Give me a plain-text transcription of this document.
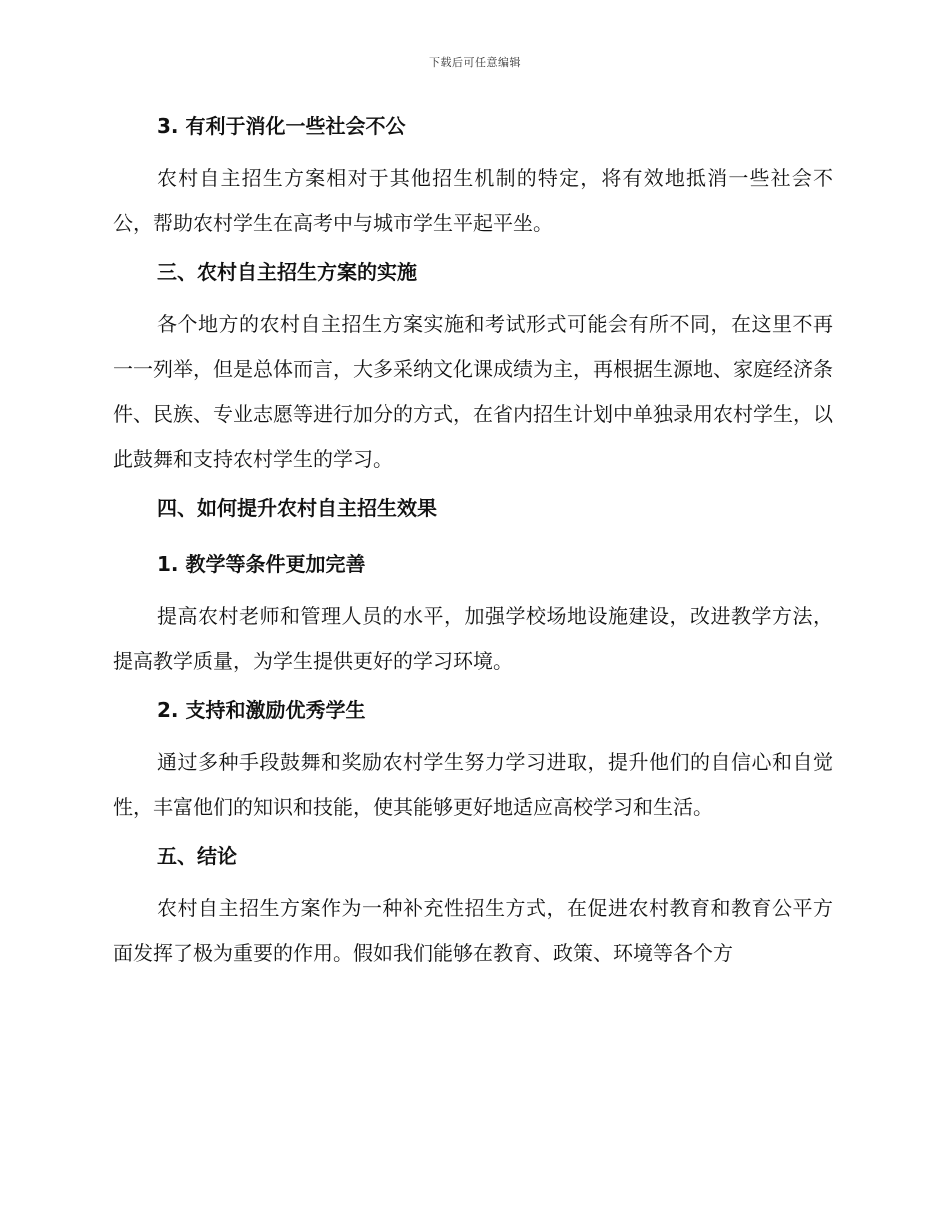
下载后可任意编辑
3. 有利于消化一些社会不公

农村自主招生方案相对于其他招生机制的特定，将有效地抵消一些社会不公，帮助农村学生在高考中与城市学生平起平坐。

三、农村自主招生方案的实施

各个地方的农村自主招生方案实施和考试形式可能会有所不同，在这里不再一一列举，但是总体而言，大多采纳文化课成绩为主，再根据生源地、家庭经济条件、民族、专业志愿等进行加分的方式，在省内招生计划中单独录用农村学生，以此鼓舞和支持农村学生的学习。

四、如何提升农村自主招生效果
1. 教学等条件更加完善

提高农村老师和管理人员的水平，加强学校场地设施建设，改进教学方法，提高教学质量，为学生提供更好的学习环境。

2. 支持和激励优秀学生

通过多种手段鼓舞和奖励农村学生努力学习进取，提升他们的自信心和自觉性，丰富他们的知识和技能，使其能够更好地适应高校学习和生活。

五、结论

农村自主招生方案作为一种补充性招生方式，在促进农村教育和教育公平方面发挥了极为重要的作用。假如我们能够在教育、政策、环境等各个方
